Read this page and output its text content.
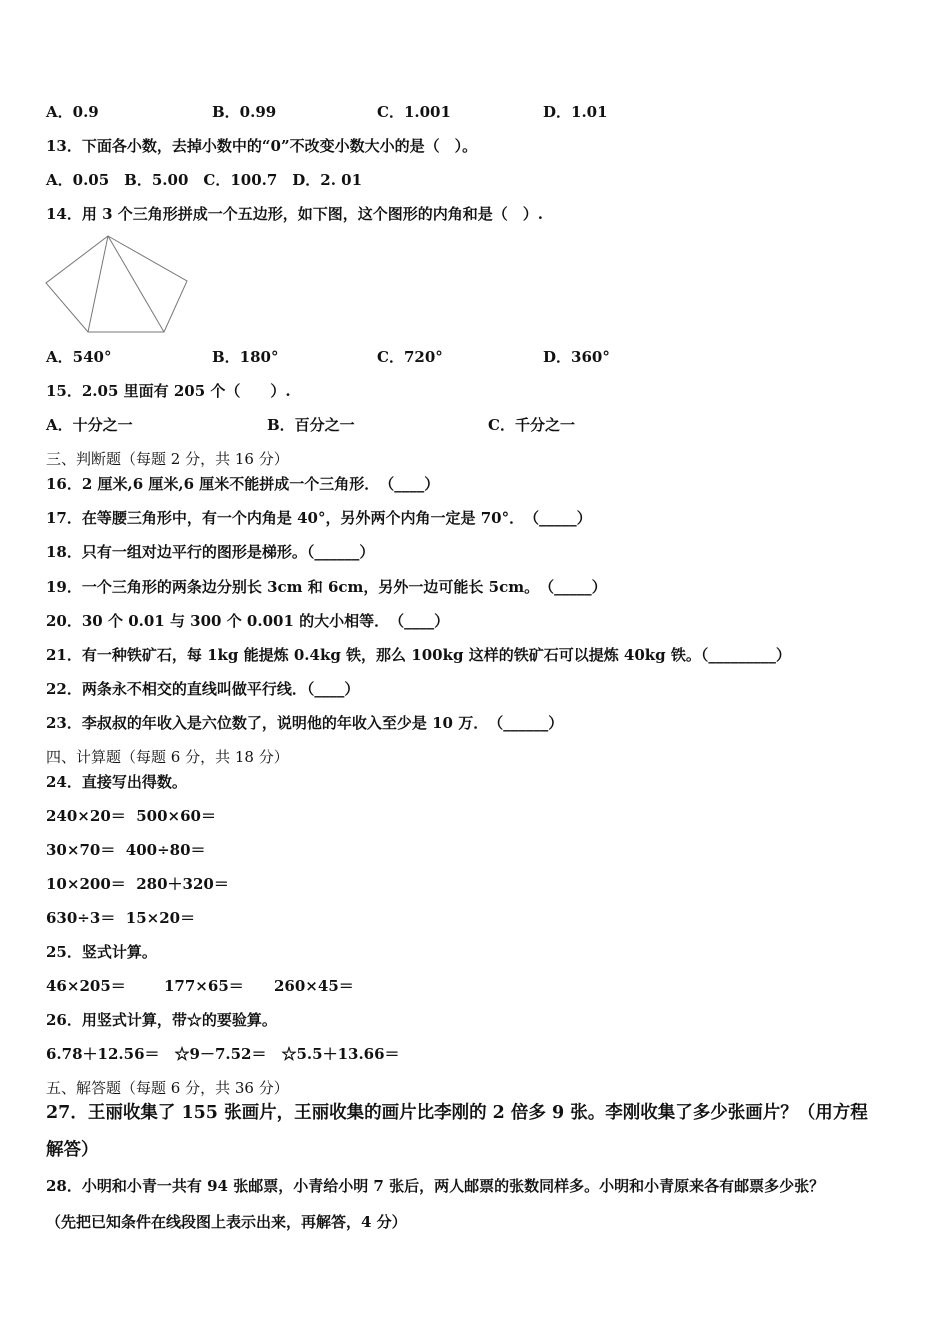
A．0.9	B．0.99	C．1.001	D．1.01
13．下面各小数，去掉小数中的“0”不改变小数大小的是（　）。
A．0.05　B．5.00　C．100.7　D．2. 01
14．用 3 个三角形拼成一个五边形，如下图，这个图形的内角和是（　）.
A．540°	B．180°	C．720°	D．360°
15．2.05 里面有 205 个（　　）.
A．十分之一	B．百分之一	C．千分之一
三、判断题（每题 2 分，共 16 分）
16．2 厘米,6 厘米,6 厘米不能拼成一个三角形．　（____）
17．在等腰三角形中，有一个内角是 40°，另外两个内角一定是 70°．　（_____）
18．只有一组对边平行的图形是梯形。（______）
19．一个三角形的两条边分别长 3cm 和 6cm，另外一边可能长 5cm。　（_____）
20．30 个 0.01 与 300 个 0.001 的大小相等．　（____）
21．有一种铁矿石，每 1kg 能提炼 0.4kg 铁，那么 100kg 这样的铁矿石可以提炼 40kg 铁。（_________）
22．两条永不相交的直线叫做平行线．（____）
23．李叔叔的年收入是六位数了，说明他的年收入至少是 10 万．　（______）
四、计算题（每题 6 分，共 18 分）
24．直接写出得数。
240×20＝  500×60＝
30×70＝  400÷80＝
10×200＝  280＋320＝
630÷3＝  15×20＝
25．竖式计算。
46×205＝	177×65＝ 260×45＝
26．用竖式计算，带☆的要验算。
6.78＋12.56＝　☆9－7.52＝　☆5.5＋13.66＝
五、解答题（每题 6 分，共 36 分）
27．王丽收集了 155 张画片，王丽收集的画片比李刚的 2 倍多 9 张。李刚收集了多少张画片？（用方程
解答）
28．小明和小青一共有 94 张邮票，小青给小明 7 张后，两人邮票的张数同样多。小明和小青原来各有邮票多少张？
（先把已知条件在线段图上表示出来，再解答，4 分）
